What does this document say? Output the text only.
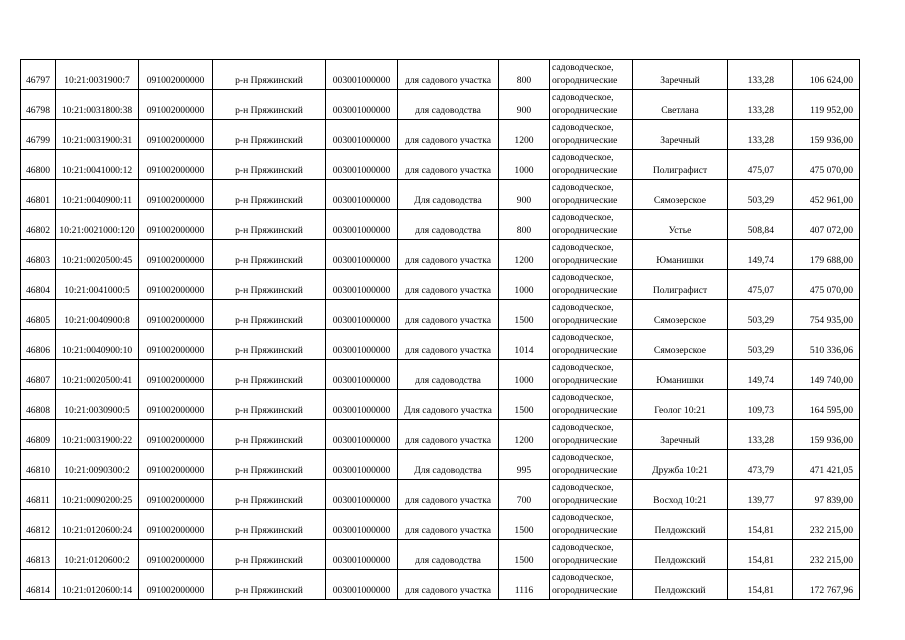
46797	10:21:0031900:7	091002000000	р-н Пряжинский	003001000000	для садового участка	800	садоводческое, огороднические	Заречный	133,28	106 624,00
46798	10:21:0031800:38	091002000000	р-н Пряжинский	003001000000	для садоводства	900	садоводческое, огороднические	Светлана	133,28	119 952,00
46799	10:21:0031900:31	091002000000	р-н Пряжинский	003001000000	для садового участка	1200	садоводческое, огороднические	Заречный	133,28	159 936,00
46800	10:21:0041000:12	091002000000	р-н Пряжинский	003001000000	для садового участка	1000	садоводческое, огороднические	Полиграфист	475,07	475 070,00
46801	10:21:0040900:11	091002000000	р-н Пряжинский	003001000000	Для садоводства	900	садоводческое, огороднические	Сямозерское	503,29	452 961,00
46802	10:21:0021000:120	091002000000	р-н Пряжинский	003001000000	для садоводства	800	садоводческое, огороднические	Устье	508,84	407 072,00
46803	10:21:0020500:45	091002000000	р-н Пряжинский	003001000000	для садового участка	1200	садоводческое, огороднические	Юманишки	149,74	179 688,00
46804	10:21:0041000:5	091002000000	р-н Пряжинский	003001000000	для садового участка	1000	садоводческое, огороднические	Полиграфист	475,07	475 070,00
46805	10:21:0040900:8	091002000000	р-н Пряжинский	003001000000	для садового участка	1500	садоводческое, огороднические	Сямозерское	503,29	754 935,00
46806	10:21:0040900:10	091002000000	р-н Пряжинский	003001000000	для садового участка	1014	садоводческое, огороднические	Сямозерское	503,29	510 336,06
46807	10:21:0020500:41	091002000000	р-н Пряжинский	003001000000	для садоводства	1000	садоводческое, огороднические	Юманишки	149,74	149 740,00
46808	10:21:0030900:5	091002000000	р-н Пряжинский	003001000000	Для садового участка	1500	садоводческое, огороднические	Геолог 10:21	109,73	164 595,00
46809	10:21:0031900:22	091002000000	р-н Пряжинский	003001000000	для садового участка	1200	садоводческое, огороднические	Заречный	133,28	159 936,00
46810	10:21:0090300:2	091002000000	р-н Пряжинский	003001000000	Для садоводства	995	садоводческое, огороднические	Дружба 10:21	473,79	471 421,05
46811	10:21:0090200:25	091002000000	р-н Пряжинский	003001000000	для садового участка	700	садоводческое, огороднические	Восход 10:21	139,77	97 839,00
46812	10:21:0120600:24	091002000000	р-н Пряжинский	003001000000	для садового участка	1500	садоводческое, огороднические	Пелдожский	154,81	232 215,00
46813	10:21:0120600:2	091002000000	р-н Пряжинский	003001000000	для садоводства	1500	садоводческое, огороднические	Пелдожский	154,81	232 215,00
46814	10:21:0120600:14	091002000000	р-н Пряжинский	003001000000	для садового участка	1116	садоводческое, огороднические	Пелдожский	154,81	172 767,96
